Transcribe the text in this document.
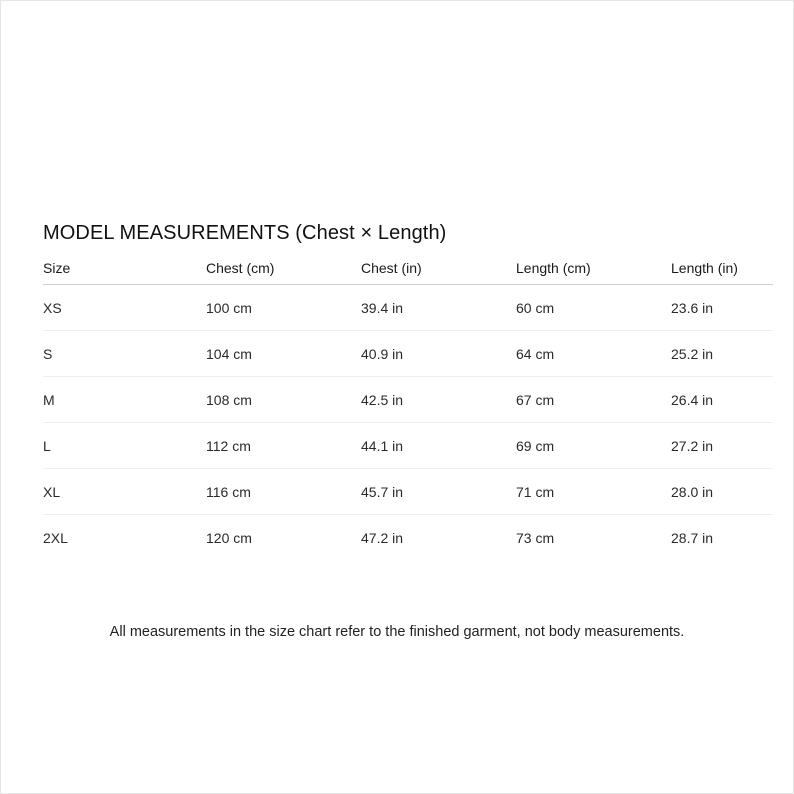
MODEL MEASUREMENTS (Chest × Length)
Size	Chest (cm)	Chest (in)	Length (cm)	Length (in)
XS	100 cm	39.4 in	60 cm	23.6 in
S	104 cm	40.9 in	64 cm	25.2 in
M	108 cm	42.5 in	67 cm	26.4 in
L	112 cm	44.1 in	69 cm	27.2 in
XL	116 cm	45.7 in	71 cm	28.0 in
2XL	120 cm	47.2 in	73 cm	28.7 in
All measurements in the size chart refer to the finished garment, not body measurements.
